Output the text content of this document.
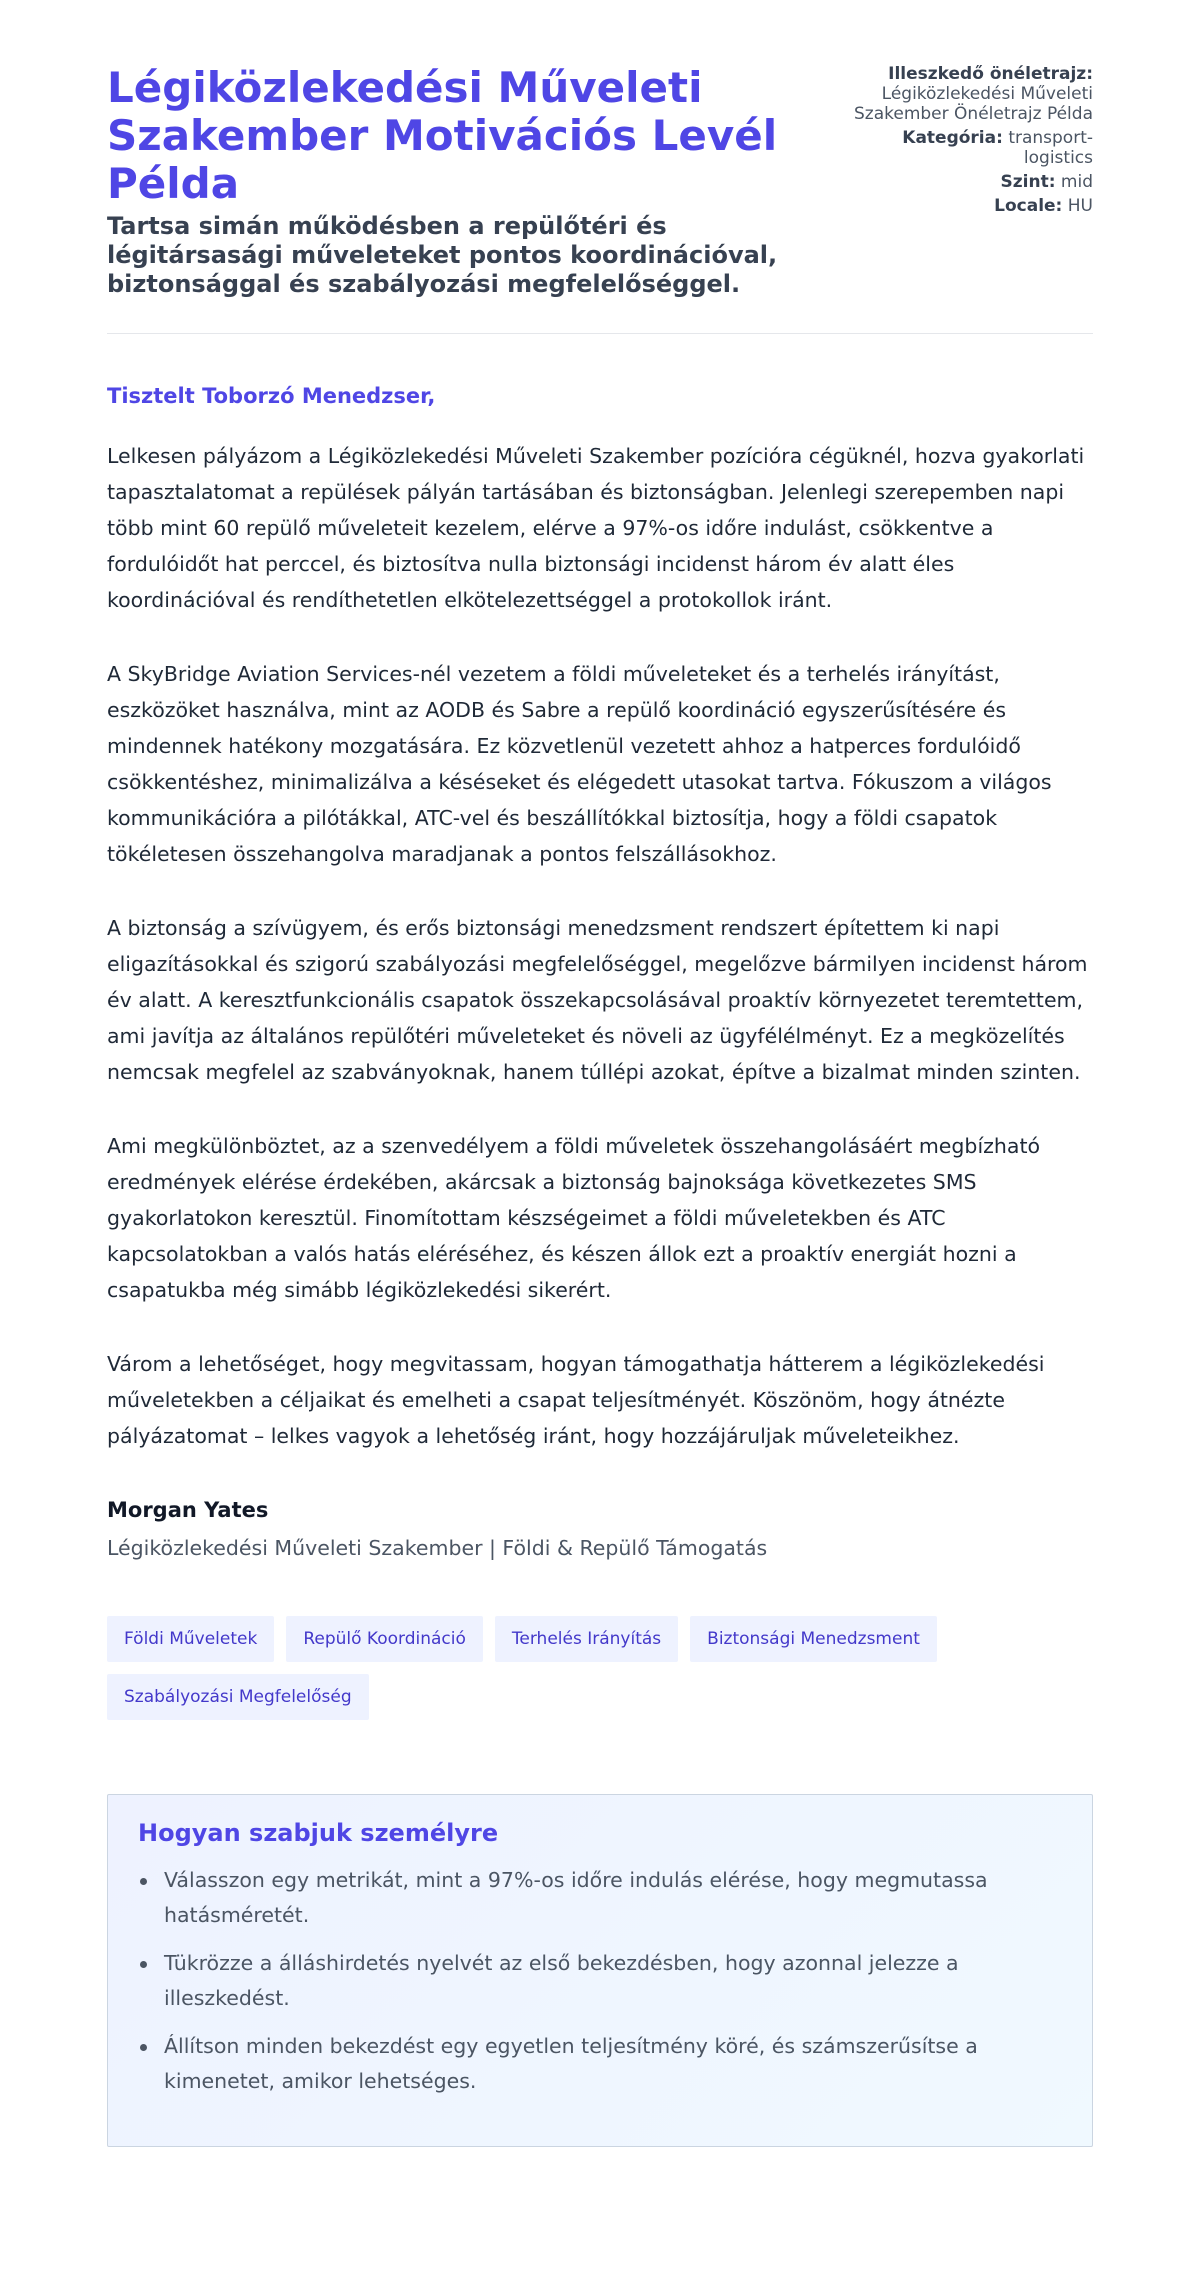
Légiközlekedési Műveleti Szakember Motivációs Levél Példa
Tartsa simán működésben a repülőtéri és légitársasági műveleteket pontos koordinációval, biztonsággal és szabályozási megfelelőséggel.
Illeszkedő önéletrajz: Légiközlekedési Műveleti Szakember Önéletrajz Példa
Kategória: transport-logistics
Szint: mid
Locale: HU
Tisztelt Toborzó Menedzser,

Lelkesen pályázom a Légiközlekedési Műveleti Szakember pozícióra cégüknél, hozva gyakorlati tapasztalatomat a repülések pályán tartásában és biztonságban. Jelenlegi szerepemben napi több mint 60 repülő műveleteit kezelem, elérve a 97%-os időre indulást, csökkentve a fordulóidőt hat perccel, és biztosítva nulla biztonsági incidenst három év alatt éles koordinációval és rendíthetetlen elkötelezettséggel a protokollok iránt.

A SkyBridge Aviation Services-nél vezetem a földi műveleteket és a terhelés irányítást, eszközöket használva, mint az AODB és Sabre a repülő koordináció egyszerűsítésére és mindennek hatékony mozgatására. Ez közvetlenül vezetett ahhoz a hatperces fordulóidő csökkentéshez, minimalizálva a késéseket és elégedett utasokat tartva. Fókuszom a világos kommunikációra a pilótákkal, ATC-vel és beszállítókkal biztosítja, hogy a földi csapatok tökéletesen összehangolva maradjanak a pontos felszállásokhoz.

A biztonság a szívügyem, és erős biztonsági menedzsment rendszert építettem ki napi eligazításokkal és szigorú szabályozási megfelelőséggel, megelőzve bármilyen incidenst három év alatt. A keresztfunkcionális csapatok összekapcsolásával proaktív környezetet teremtettem, ami javítja az általános repülőtéri műveleteket és növeli az ügyfélélményt. Ez a megközelítés nemcsak megfelel az szabványoknak, hanem túllépi azokat, építve a bizalmat minden szinten.

Ami megkülönböztet, az a szenvedélyem a földi műveletek összehangolásáért megbízható eredmények elérése érdekében, akárcsak a biztonság bajnoksága következetes SMS gyakorlatokon keresztül. Finomítottam készségeimet a földi műveletekben és ATC kapcsolatokban a valós hatás eléréséhez, és készen állok ezt a proaktív energiát hozni a csapatukba még simább légiközlekedési sikerért.

Várom a lehetőséget, hogy megvitassam, hogyan támogathatja hátterem a légiközlekedési műveletekben a céljaikat és emelheti a csapat teljesítményét. Köszönöm, hogy átnézte pályázatomat – lelkes vagyok a lehetőség iránt, hogy hozzájáruljak műveleteikhez.

Morgan Yates
Légiközlekedési Műveleti Szakember | Földi & Repülő Támogatás
Földi Műveletek	Repülő Koordináció	Terhelés Irányítás	Biztonsági Menedzsment
Szabályozási Megfelelőség
Hogyan szabjuk személyre
Válasszon egy metrikát, mint a 97%-os időre indulás elérése, hogy megmutassa hatásméretét.
Tükrözze a álláshirdetés nyelvét az első bekezdésben, hogy azonnal jelezze a illeszkedést.
Állítson minden bekezdést egy egyetlen teljesítmény köré, és számszerűsítse a kimenetet, amikor lehetséges.
